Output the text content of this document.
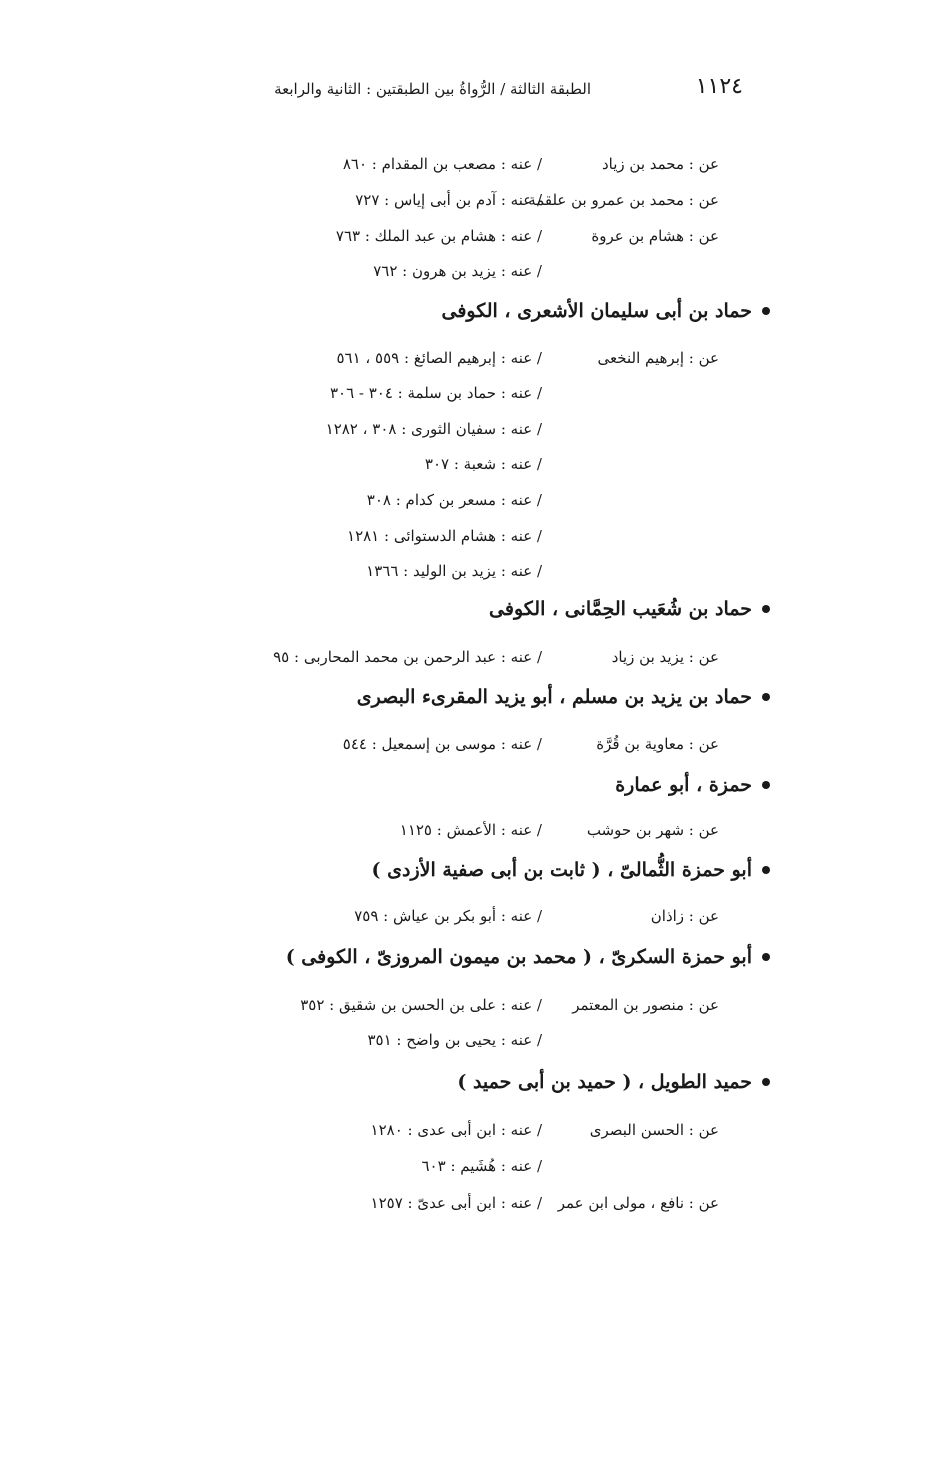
١١٢٤
الطبقة الثالثة / الرُّواةُ بين الطبقتين : الثانية والرابعة
عن : محمد بن زياد
/ عنه : مصعب بن المقدام : ٨٦٠
عن : محمد بن عمرو بن علقمة
/ عنه : آدم بن أبى إياس : ٧٢٧
عن : هشام بن عروة
/ عنه : هشام بن عبد الملك : ٧٦٣
/ عنه : يزيد بن هرون : ٧٦٢
حماد بن أبى سليمان الأشعرى ، الكوفى
عن : إبرهيم النخعى
/ عنه : إبرهيم الصائغ : ٥٥٩ ، ٥٦١
/ عنه : حماد بن سلمة : ٣٠٤ - ٣٠٦
/ عنه : سفيان الثورى : ٣٠٨ ، ١٢٨٢
/ عنه : شعبة : ٣٠٧
/ عنه : مسعر بن كدام : ٣٠٨
/ عنه : هشام الدستوائى : ١٢٨١
/ عنه : يزيد بن الوليد : ١٣٦٦
حماد بن شُعَيب الحِمَّانى ، الكوفى
عن : يزيد بن زياد
/ عنه : عبد الرحمن بن محمد المحاربى : ٩٥
حماد بن يزيد بن مسلم ، أبو يزيد المقرىء البصرى
عن : معاوية بن قُرَّة
/ عنه : موسى بن إسمعيل : ٥٤٤
حمزة ، أبو عمارة
عن : شهر بن حوشب
/ عنه : الأعمش : ١١٢٥
أبو حمزة الثُّمالىّ ، ( ثابت بن أبى صفية الأزدى )
عن : زاذان
/ عنه : أبو بكر بن عياش : ٧٥٩
أبو حمزة السكرىّ ، ( محمد بن ميمون المروزىّ ، الكوفى )
عن : منصور بن المعتمر
/ عنه : على بن الحسن بن شقيق : ٣٥٢
/ عنه : يحيى بن واضح : ٣٥١
حميد الطويل ، ( حميد بن أبى حميد )
عن : الحسن البصرى
/ عنه : ابن أبى عدى : ١٢٨٠
/ عنه : هُشَيم : ٦٠٣
عن : نافع ، مولى ابن عمر
/ عنه : ابن أبى عدىّ : ١٢٥٧
